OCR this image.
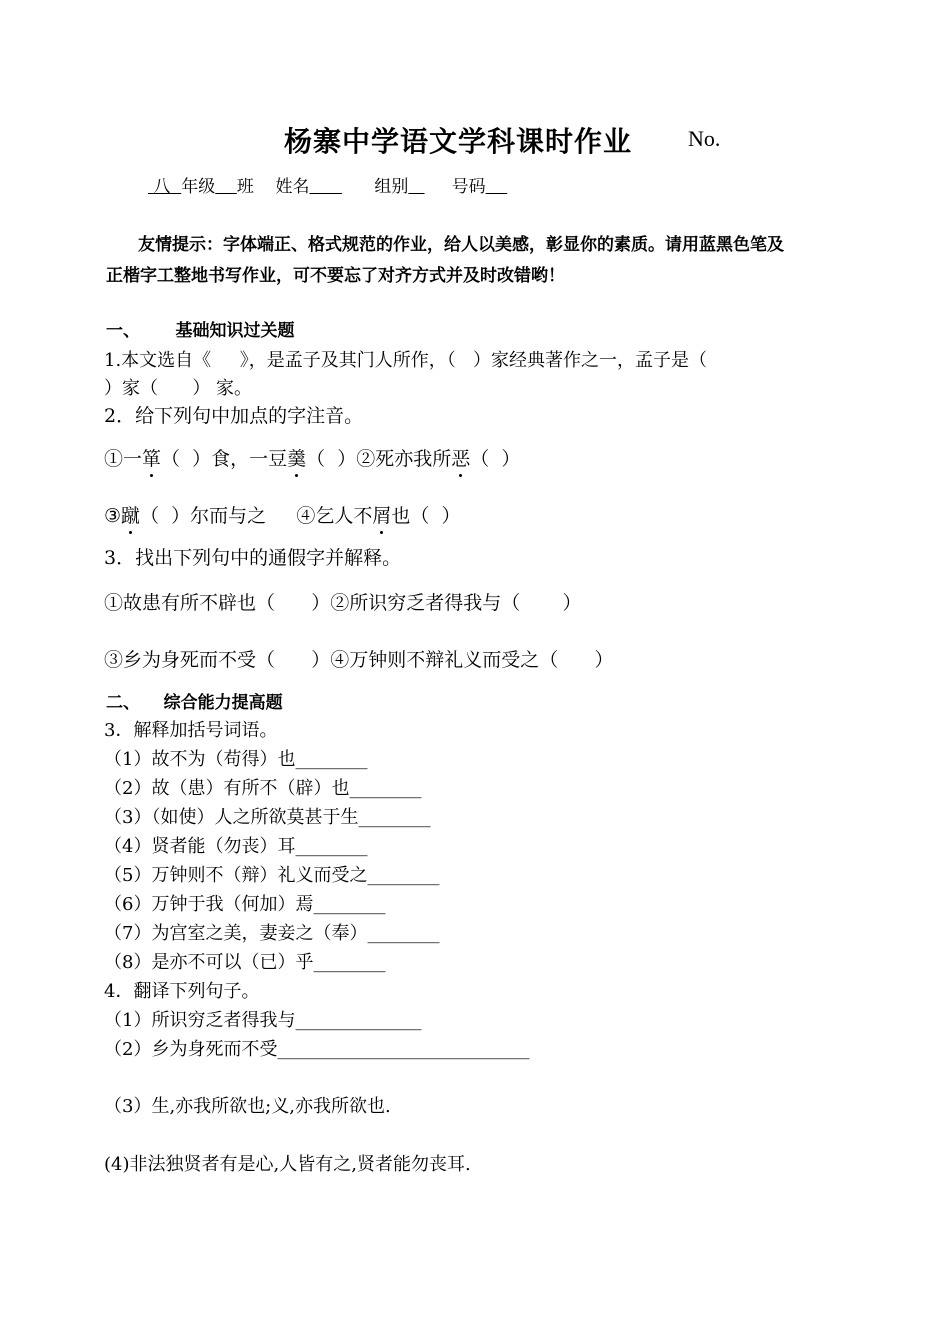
杨寨中学语文学科课时作业	No.
八 年级 班 姓名	组别	号码
友情提示：字体端正、格式规范的作业，给人以美感，彰显你的素质。请用蓝黑色笔及
正楷字工整地书写作业，可不要忘了对齐方式并及时改错哟！
一、      基础知识过关题
1.本文选自《     》，是孟子及其门人所作，（   ）家经典著作之一，孟子是（
）家（      ） 家。
2．给下列句中加点的字注音。
①一箪（  ）食，一豆羹（  ）②死亦我所恶（  ）
③蹴（  ）尔而与之     ④乞人不屑也（  ）
3．找出下列句中的通假字并解释。
①故患有所不辟也（      ）②所识穷乏者得我与（       ）
③乡为身死而不受（      ）④万钟则不辩礼义而受之（      ）
二、    综合能力提高题
3．解释加括号词语。
（1）故不为（苟得）也________
（2）故（患）有所不（辟）也________
（3）（如使）人之所欲莫甚于生________
（4）贤者能（勿丧）耳________
（5）万钟则不（辩）礼义而受之________
（6）万钟于我（何加）焉________
（7）为宫室之美，妻妾之（奉）________
（8）是亦不可以（已）乎________
4．翻译下列句子。
（1）所识穷乏者得我与______________
（2）乡为身死而不受____________________________
（3）生,亦我所欲也;义,亦我所欲也.
(4)非法独贤者有是心,人皆有之,贤者能勿丧耳.
